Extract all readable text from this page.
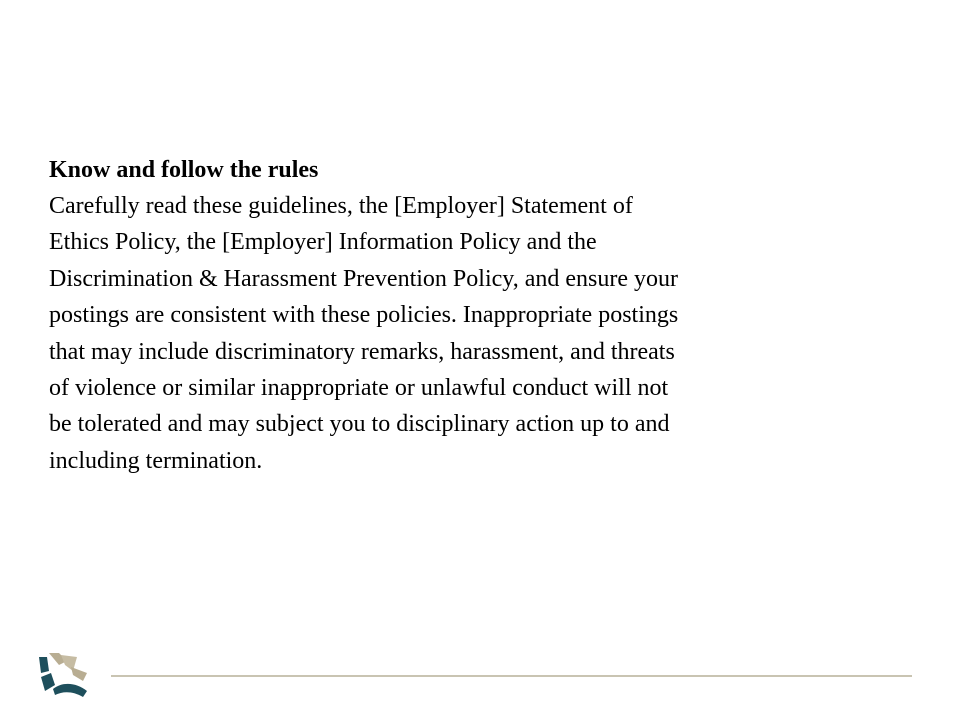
Know and follow the rules

Carefully read these guidelines, the [Employer] Statement of
Ethics Policy, the [Employer] Information Policy and the
Discrimination & Harassment Prevention Policy, and ensure your
postings are consistent with these policies. Inappropriate postings
that may include discriminatory remarks, harassment, and threats
of violence or similar inappropriate or unlawful conduct will not
be tolerated and may subject you to disciplinary action up to and
including termination.
